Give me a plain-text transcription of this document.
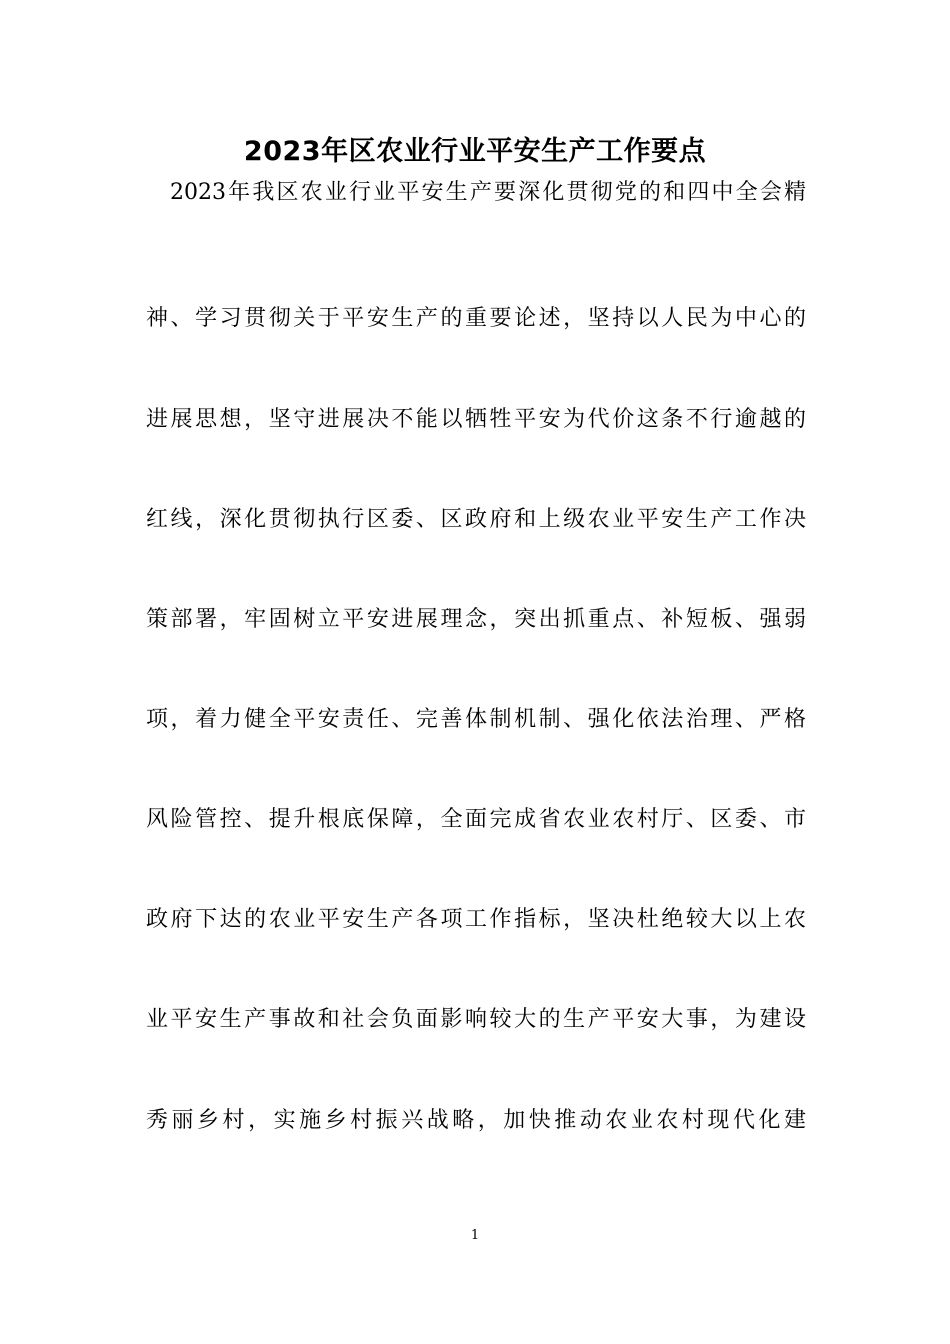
2023年区农业行业平安生产工作要点
2023年我区农业行业平安生产要深化贯彻党的和四中全会精
神、学习贯彻关于平安生产的重要论述，坚持以人民为中心的
进展思想，坚守进展决不能以牺牲平安为代价这条不行逾越的
红线，深化贯彻执行区委、区政府和上级农业平安生产工作决
策部署，牢固树立平安进展理念，突出抓重点、补短板、强弱
项，着力健全平安责任、完善体制机制、强化依法治理、严格
风险管控、提升根底保障，全面完成省农业农村厅、区委、市
政府下达的农业平安生产各项工作指标，坚决杜绝较大以上农
业平安生产事故和社会负面影响较大的生产平安大事，为建设
秀丽乡村，实施乡村振兴战略，加快推动农业农村现代化建
1
